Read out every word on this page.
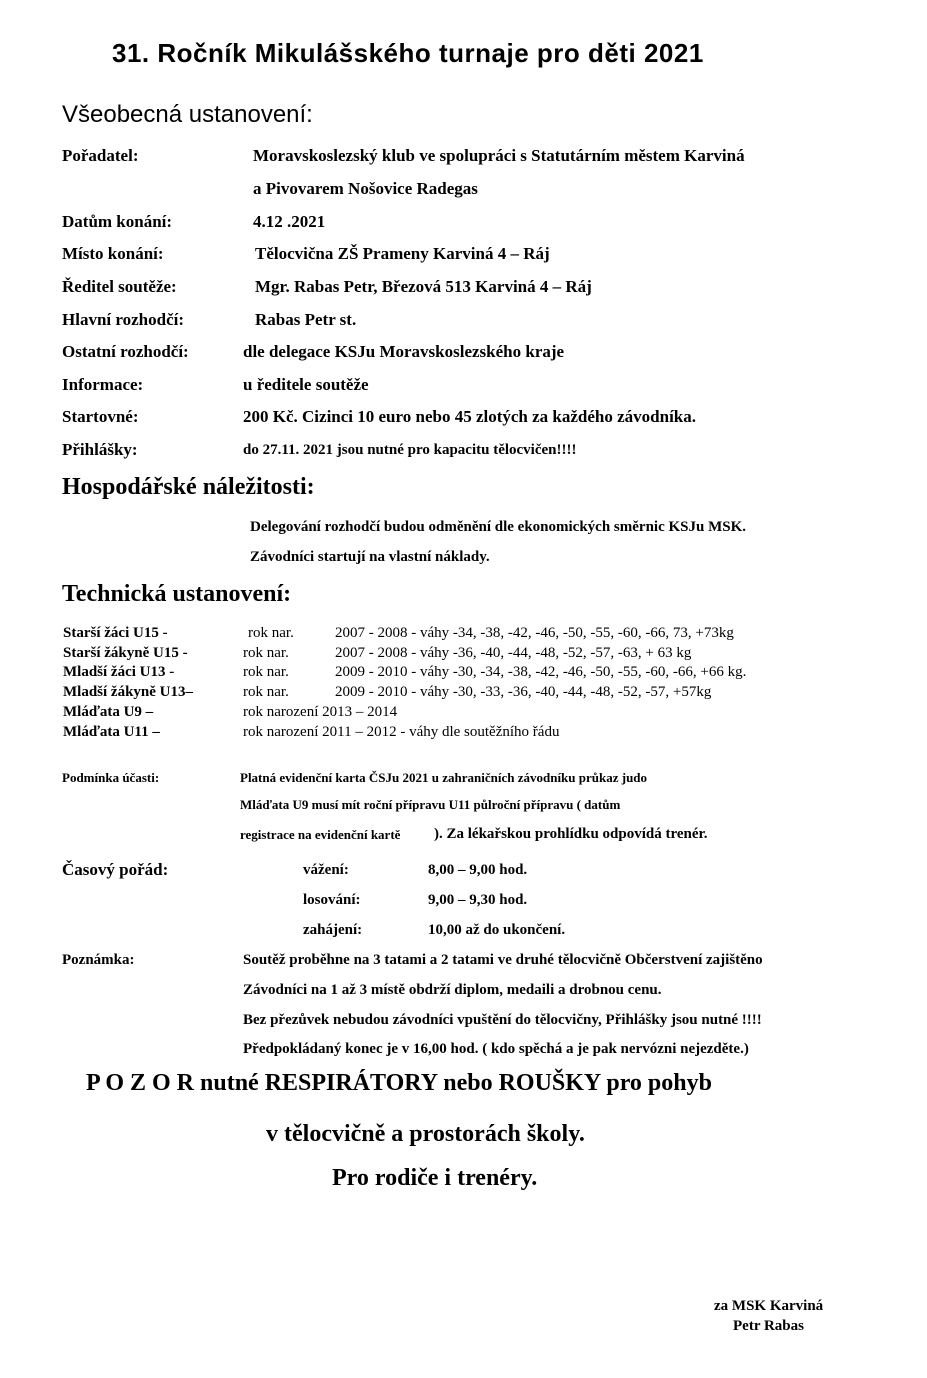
31. Ročník Mikulášského turnaje pro děti 2021
Všeobecná ustanovení:
Pořadatel:	Moravskoslezský klub ve spolupráci s Statutárním městem Karviná
a Pivovarem Nošovice Radegas
Datům konání:	4.12 .2021
Místo konání:	Tělocvična ZŠ Prameny Karviná 4 – Ráj
Ředitel soutěže:	Mgr. Rabas Petr, Březová 513 Karviná 4 – Ráj
Hlavní rozhodčí:	Rabas Petr st.
Ostatní rozhodčí:	dle delegace KSJu Moravskoslezského kraje
Informace:	u ředitele soutěže
Startovné:	200 Kč. Cizinci 10 euro nebo 45 zlotých za každého závodníka.
Přihlášky:	do 27.11. 2021 jsou nutné pro kapacitu tělocvičen!!!!
Hospodářské náležitosti:
Delegování rozhodčí budou odměnění dle ekonomických směrnic KSJu MSK.
Závodníci startují na vlastní náklady.
Technická ustanovení:
Starší žáci U15 -	rok nar.	2007 - 2008 - váhy -34, -38, -42, -46, -50, -55, -60, -66, 73, +73kg
Starší žákyně U15 -	rok nar.	2007 - 2008 - váhy -36, -40, -44, -48, -52, -57, -63, + 63 kg
Mladší žáci U13 -	rok nar.	2009 - 2010 - váhy -30, -34, -38, -42, -46, -50, -55, -60, -66, +66 kg.
Mladší žákyně U13–	rok nar.	2009 - 2010 - váhy -30, -33, -36, -40, -44, -48, -52, -57, +57kg
Mláďata U9 –	rok narození 2013 – 2014
Mláďata U11 –	rok narození 2011 – 2012 - váhy dle soutěžního řádu
Podmínka účasti:	Platná evidenční karta ČSJu 2021 u zahraničních závodníku průkaz judo
Mláďata U9 musí mít roční přípravu U11 půlroční přípravu ( datům
registrace na evidenční kartě ). Za lékařskou prohlídku odpovídá trenér.
Časový pořád:	vážení:	8,00 – 9,00 hod.
losování:	9,00 – 9,30 hod.
zahájení:	10,00 až do ukončení.
Poznámka:	Soutěž proběhne na 3 tatami a 2 tatami ve druhé tělocvičně Občerstvení zajištěno
Závodníci na 1 až 3 místě obdrží diplom, medaili a drobnou cenu.
Bez přezůvek nebudou závodníci vpuštění do tělocvičny, Přihlášky jsou nutné !!!!
Předpokládaný konec je v 16,00 hod. ( kdo spěchá a je pak nervózni nejezděte.)
P O Z O R nutné RESPIRÁTORY nebo ROUŠKY pro pohyb
v tělocvičně a prostorách školy.
Pro rodiče i trenéry.
za MSK Karviná
Petr Rabas
